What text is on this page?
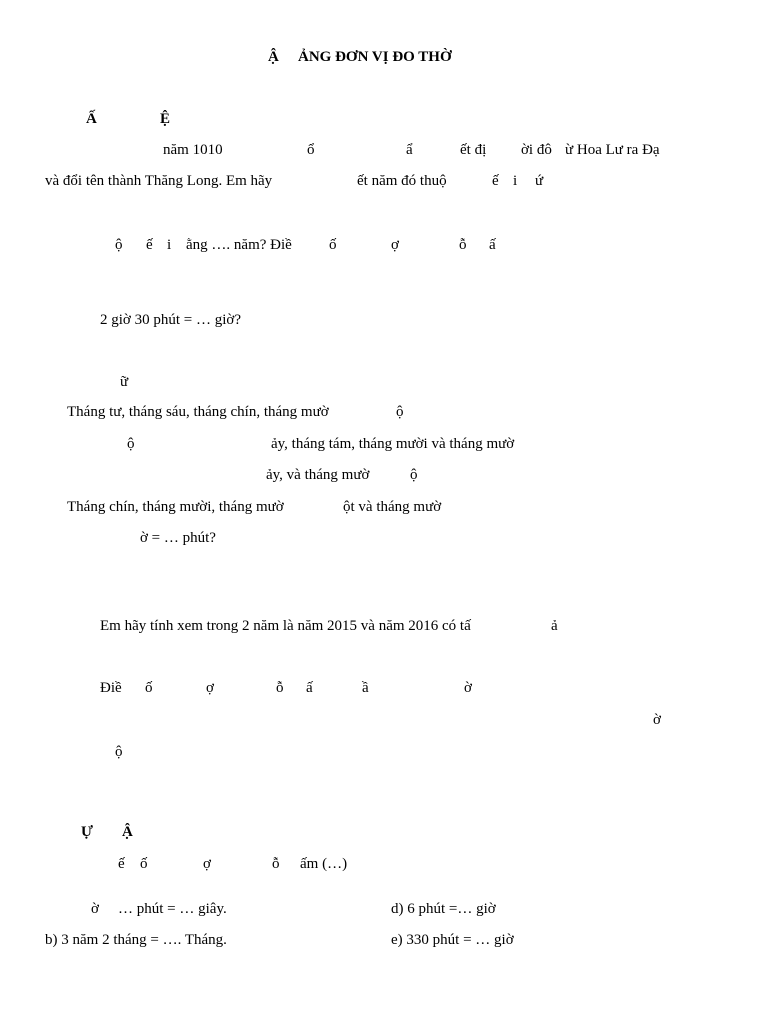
Ậ ẢNG ĐƠN VỊ ĐO THỜ
Ấ	Ệ
năm 1010	ổ	ẩ	ết đị ời đô ừ Hoa Lư ra Đạ
và đổi tên thành Thăng Long. Em hãy	ết năm đó thuộ	ế i ứ
ộ ế i ằng …. năm? Điề ố	ợ	ỗ ấ
2 giờ 30 phút = … giờ?
ữ
Tháng tư, tháng sáu, tháng chín, tháng mườ	ộ
ộ	ảy, tháng tám, tháng mười và tháng mườ
ảy, và tháng mườ	ộ
Tháng chín, tháng mười, tháng mườ	ột và tháng mườ
ờ = … phút?
Em hãy tính xem trong 2 năm là năm 2015 và năm 2016 có tấ	ả
Điề ố	ợ	ỗ ấ	ầ	ờ
ờ
ộ
Ự Ậ
ế ố	ợ	ỗ ấm (…)
ờ … phút = … giây.	d) 6 phút =… giờ
b) 3 năm 2 tháng = …. Tháng.	e) 330 phút = … giờ
